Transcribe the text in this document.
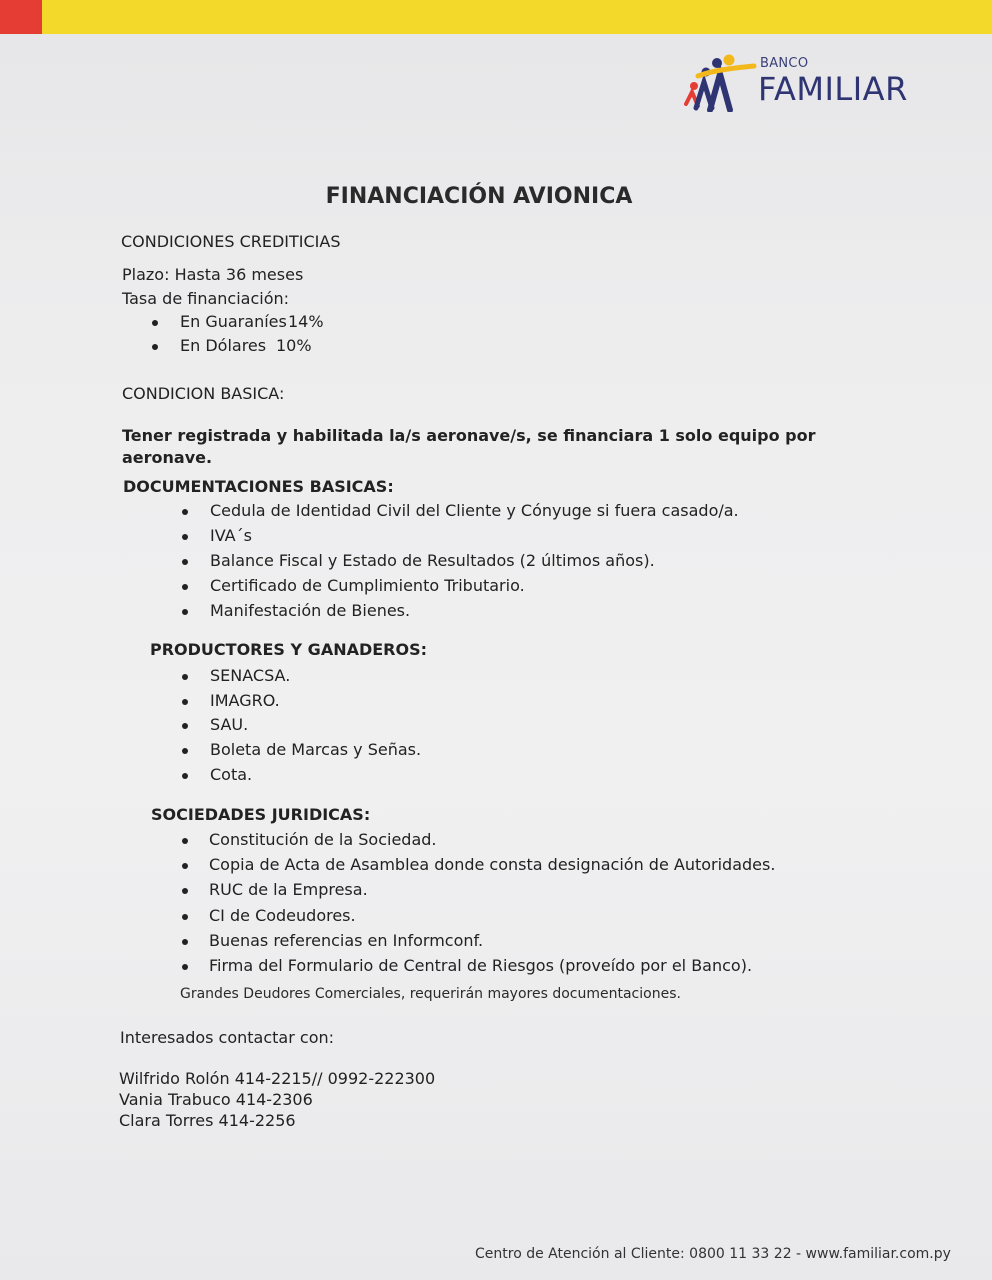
BANCO
FAMILIAR
FINANCIACIÓN AVIONICA
CONDICIONES CREDITICIAS
Plazo: Hasta 36 meses
Tasa de financiación:
En Guaraníes 14%
En Dólares 10%
CONDICION BASICA:
Tener registrada y habilitada la/s aeronave/s, se financiara 1 solo equipo por
aeronave.
DOCUMENTACIONES BASICAS:
Cedula de Identidad Civil del Cliente y Cónyuge si fuera casado/a.
IVA´s
Balance Fiscal y Estado de Resultados (2 últimos años).
Certificado de Cumplimiento Tributario.
Manifestación de Bienes.
PRODUCTORES Y GANADEROS:
SENACSA.
IMAGRO.
SAU.
Boleta de Marcas y Señas.
Cota.
SOCIEDADES JURIDICAS:
Constitución de la Sociedad.
Copia de Acta de Asamblea donde consta designación de Autoridades.
RUC de la Empresa.
CI de Codeudores.
Buenas referencias en Informconf.
Firma del Formulario de Central de Riesgos (proveído por el Banco).
Grandes Deudores Comerciales, requerirán mayores documentaciones.
Interesados contactar con:
Wilfrido Rolón 414-2215// 0992-222300
Vania Trabuco 414-2306
Clara Torres 414-2256
Centro de Atención al Cliente: 0800 11 33 22 - www.familiar.com.py
